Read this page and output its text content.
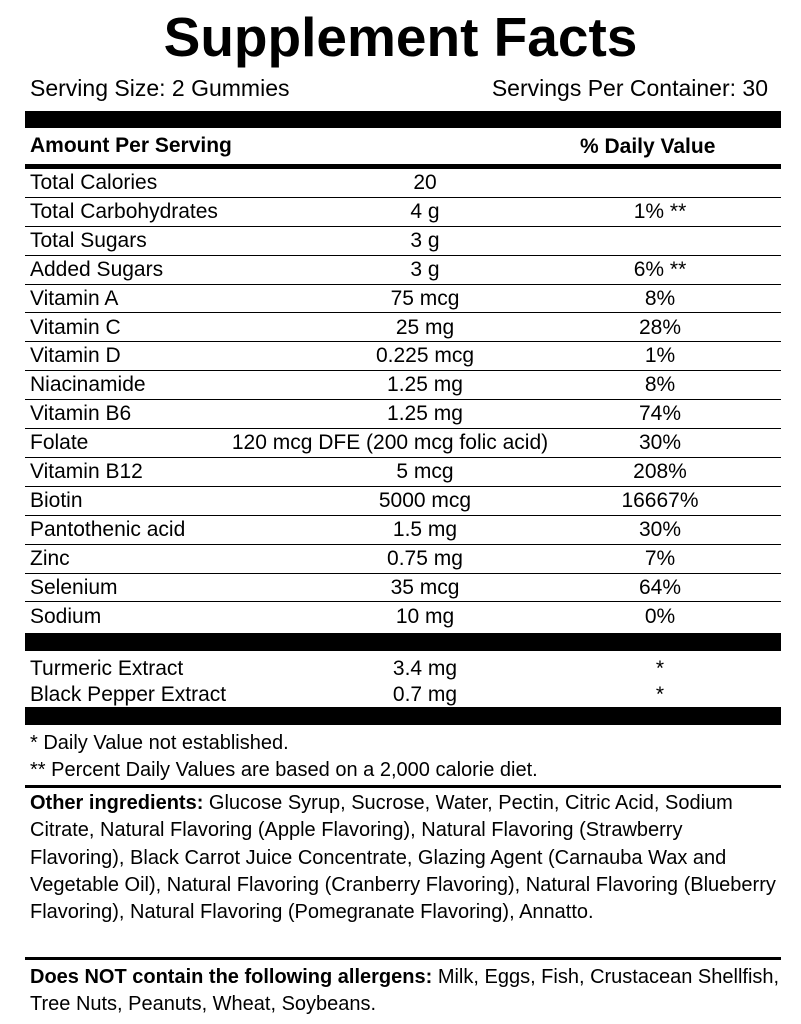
Supplement Facts
Serving Size: 2 Gummies	Servings Per Container: 30
Amount Per Serving	% Daily Value
Total Calories	20
Total Carbohydrates	4 g	1% **
Total Sugars	3 g
Added Sugars	3 g	6% **
Vitamin A	75 mcg	8%
Vitamin C	25 mg	28%
Vitamin D	0.225 mcg	1%
Niacinamide	1.25 mg	8%
Vitamin B6	1.25 mg	74%
Folate	120 mcg DFE (200 mcg folic acid)	30%
Vitamin B12	5 mcg	208%
Biotin	5000 mcg	16667%
Pantothenic acid	1.5 mg	30%
Zinc	0.75 mg	7%
Selenium	35 mcg	64%
Sodium	10 mg	0%
Turmeric Extract	3.4 mg	*
Black Pepper Extract	0.7 mg	*
* Daily Value not established.
** Percent Daily Values are based on a 2,000 calorie diet.
Other ingredients: Glucose Syrup, Sucrose, Water, Pectin, Citric Acid, Sodium Citrate, Natural Flavoring (Apple Flavoring), Natural Flavoring (Strawberry Flavoring), Black Carrot Juice Concentrate, Glazing Agent (Carnauba Wax and Vegetable Oil), Natural Flavoring (Cranberry Flavoring), Natural Flavoring (Blueberry Flavoring), Natural Flavoring (Pomegranate Flavoring), Annatto.
Does NOT contain the following allergens: Milk, Eggs, Fish, Crustacean Shellfish, Tree Nuts, Peanuts, Wheat, Soybeans.
